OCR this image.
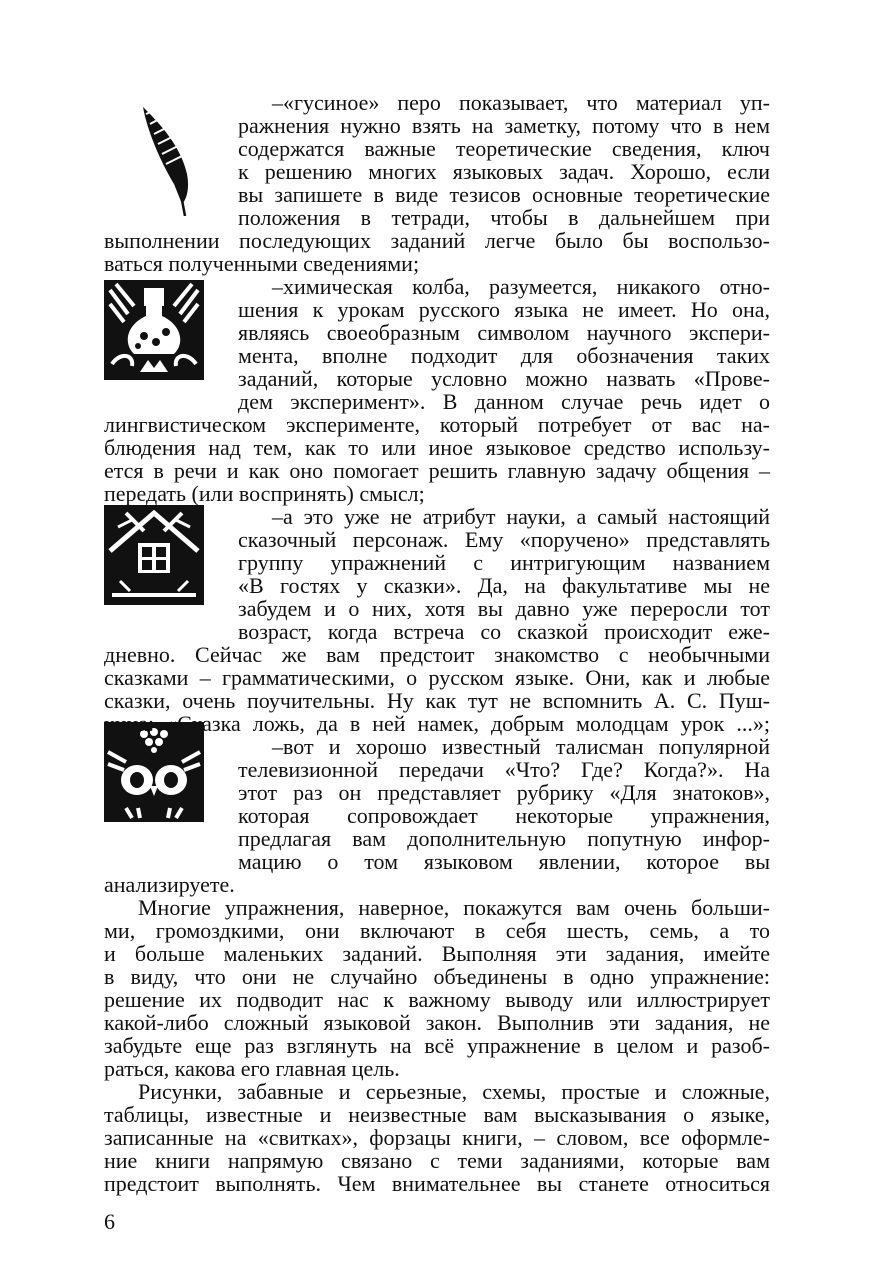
–«гусиное» перо показывает, что материал уп-

ражнения нужно взять на заметку, потому что в нем

содержатся важные теоретические сведения, ключ

к решению многих языковых задач. Хорошо, если

вы запишете в виде тезисов основные теоретические

положения в тетради, чтобы в дальнейшем при

выполнении последующих заданий легче было бы воспользо-

ваться полученными сведениями;

–химическая колба, разумеется, никакого отно-

шения к урокам русского языка не имеет. Но она,

являясь своеобразным символом научного экспери-

мента, вполне подходит для обозначения таких

заданий, которые условно можно назвать «Прове-

дем эксперимент». В данном случае речь идет о

лингвистическом эксперименте, который потребует от вас на-

блюдения над тем, как то или иное языковое средство использу-

ется в речи и как оно помогает решить главную задачу общения –

передать (или воспринять) смысл;

–а это уже не атрибут науки, а самый настоящий

сказочный персонаж. Ему «поручено» представлять

группу упражнений с интригующим названием

«В гостях у сказки». Да, на факультативе мы не

забудем и о них, хотя вы давно уже переросли тот

возраст, когда встреча со сказкой происходит еже-

дневно. Сейчас же вам предстоит знакомство с необычными

сказками – грамматическими, о русском языке. Они, как и любые

сказки, очень поучительны. Ну как тут не вспомнить А. С. Пуш-

кина: «Сказка ложь, да в ней намек, добрым молодцам урок ...»;

–вот и хорошо известный талисман популярной

телевизионной передачи «Что? Где? Когда?». На

этот раз он представляет рубрику «Для знатоков»,

которая сопровождает некоторые упражнения,

предлагая вам дополнительную попутную инфор-

мацию о том языковом явлении, которое вы

анализируете.

Многие упражнения, наверное, покажутся вам очень больши-

ми, громоздкими, они включают в себя шесть, семь, а то

и больше маленьких заданий. Выполняя эти задания, имейте

в виду, что они не случайно объединены в одно упражнение:

решение их подводит нас к важному выводу или иллюстрирует

какой-либо сложный языковой закон. Выполнив эти задания, не

забудьте еще раз взглянуть на всё упражнение в целом и разоб-

раться, какова его главная цель.

Рисунки, забавные и серьезные, схемы, простые и сложные,

таблицы, известные и неизвестные вам высказывания о языке,

записанные на «свитках», форзацы книги, – словом, все оформле-

ние книги напрямую связано с теми заданиями, которые вам

предстоит выполнять. Чем внимательнее вы станете относиться

6
